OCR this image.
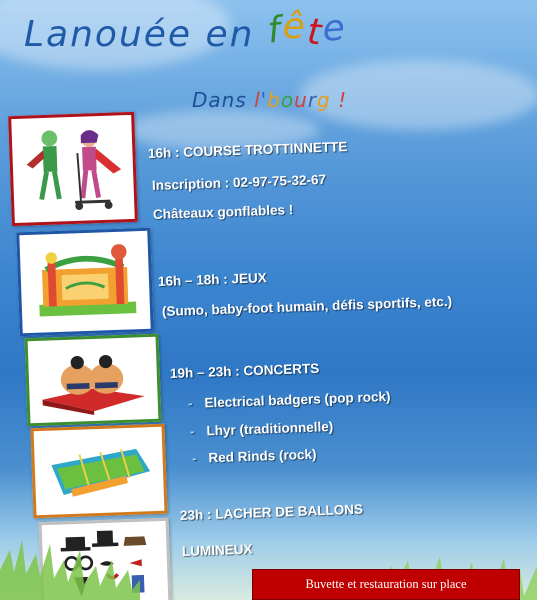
Lanouée en fête
Dans l'bourg !
16h : COURSE TROTTINNETTE
Inscription : 02-97-75-32-67
Châteaux gonflables !
16h – 18h : JEUX
(Sumo, baby-foot humain, défis sportifs, etc.)
19h – 23h : CONCERTS
- Electrical badgers (pop rock)
- Lhyr (traditionnelle)
- Red Rinds (rock)
23h : LACHER DE BALLONS
LUMINEUX
Buvette et restauration sur place
